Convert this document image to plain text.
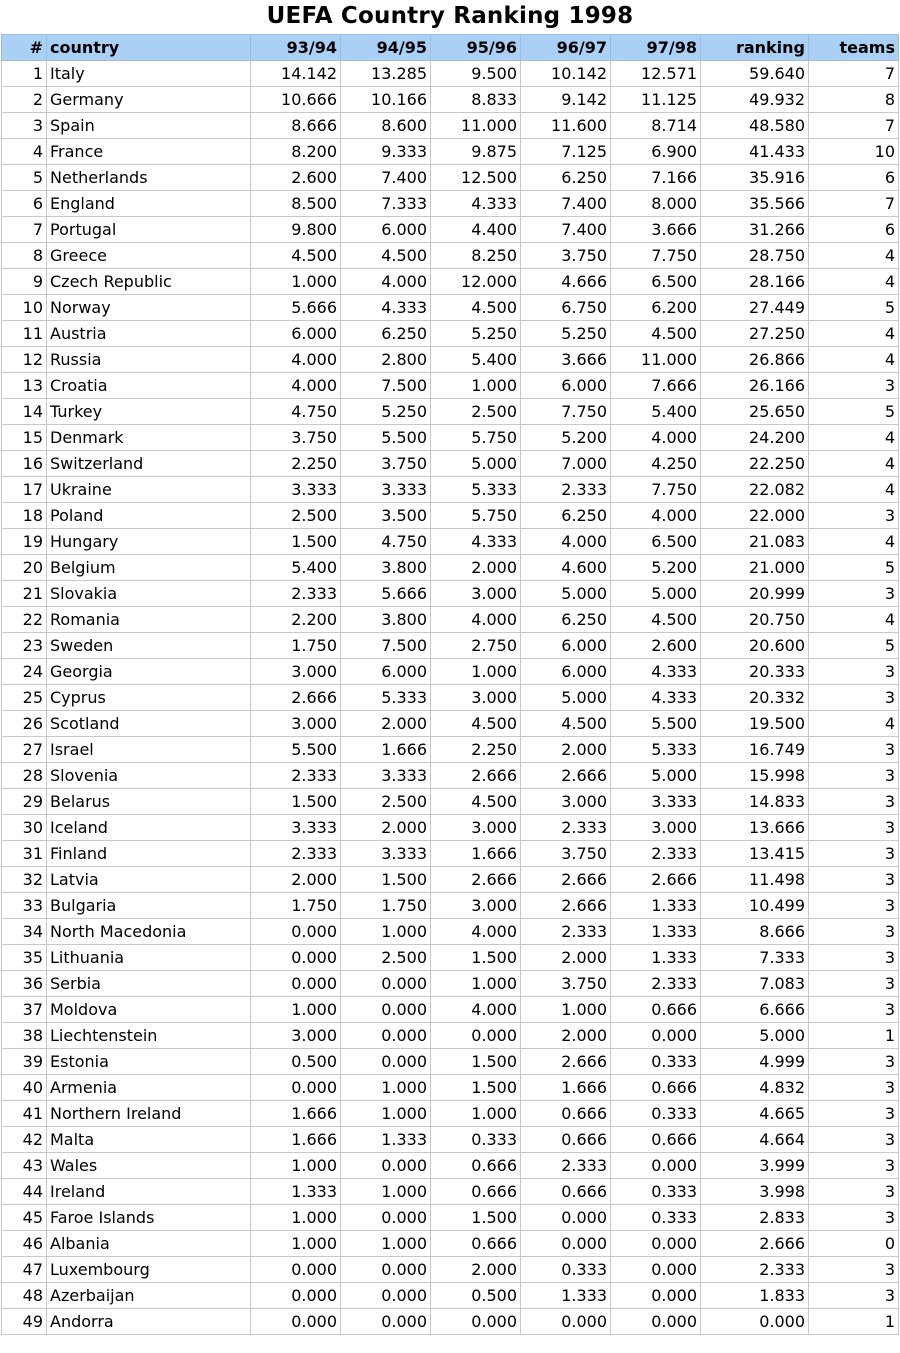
UEFA Country Ranking 1998
#	country	93/94	94/95	95/96	96/97	97/98	ranking	teams
1	Italy	14.142	13.285	9.500	10.142	12.571	59.640	7
2	Germany	10.666	10.166	8.833	9.142	11.125	49.932	8
3	Spain	8.666	8.600	11.000	11.600	8.714	48.580	7
4	France	8.200	9.333	9.875	7.125	6.900	41.433	10
5	Netherlands	2.600	7.400	12.500	6.250	7.166	35.916	6
6	England	8.500	7.333	4.333	7.400	8.000	35.566	7
7	Portugal	9.800	6.000	4.400	7.400	3.666	31.266	6
8	Greece	4.500	4.500	8.250	3.750	7.750	28.750	4
9	Czech Republic	1.000	4.000	12.000	4.666	6.500	28.166	4
10	Norway	5.666	4.333	4.500	6.750	6.200	27.449	5
11	Austria	6.000	6.250	5.250	5.250	4.500	27.250	4
12	Russia	4.000	2.800	5.400	3.666	11.000	26.866	4
13	Croatia	4.000	7.500	1.000	6.000	7.666	26.166	3
14	Turkey	4.750	5.250	2.500	7.750	5.400	25.650	5
15	Denmark	3.750	5.500	5.750	5.200	4.000	24.200	4
16	Switzerland	2.250	3.750	5.000	7.000	4.250	22.250	4
17	Ukraine	3.333	3.333	5.333	2.333	7.750	22.082	4
18	Poland	2.500	3.500	5.750	6.250	4.000	22.000	3
19	Hungary	1.500	4.750	4.333	4.000	6.500	21.083	4
20	Belgium	5.400	3.800	2.000	4.600	5.200	21.000	5
21	Slovakia	2.333	5.666	3.000	5.000	5.000	20.999	3
22	Romania	2.200	3.800	4.000	6.250	4.500	20.750	4
23	Sweden	1.750	7.500	2.750	6.000	2.600	20.600	5
24	Georgia	3.000	6.000	1.000	6.000	4.333	20.333	3
25	Cyprus	2.666	5.333	3.000	5.000	4.333	20.332	3
26	Scotland	3.000	2.000	4.500	4.500	5.500	19.500	4
27	Israel	5.500	1.666	2.250	2.000	5.333	16.749	3
28	Slovenia	2.333	3.333	2.666	2.666	5.000	15.998	3
29	Belarus	1.500	2.500	4.500	3.000	3.333	14.833	3
30	Iceland	3.333	2.000	3.000	2.333	3.000	13.666	3
31	Finland	2.333	3.333	1.666	3.750	2.333	13.415	3
32	Latvia	2.000	1.500	2.666	2.666	2.666	11.498	3
33	Bulgaria	1.750	1.750	3.000	2.666	1.333	10.499	3
34	North Macedonia	0.000	1.000	4.000	2.333	1.333	8.666	3
35	Lithuania	0.000	2.500	1.500	2.000	1.333	7.333	3
36	Serbia	0.000	0.000	1.000	3.750	2.333	7.083	3
37	Moldova	1.000	0.000	4.000	1.000	0.666	6.666	3
38	Liechtenstein	3.000	0.000	0.000	2.000	0.000	5.000	1
39	Estonia	0.500	0.000	1.500	2.666	0.333	4.999	3
40	Armenia	0.000	1.000	1.500	1.666	0.666	4.832	3
41	Northern Ireland	1.666	1.000	1.000	0.666	0.333	4.665	3
42	Malta	1.666	1.333	0.333	0.666	0.666	4.664	3
43	Wales	1.000	0.000	0.666	2.333	0.000	3.999	3
44	Ireland	1.333	1.000	0.666	0.666	0.333	3.998	3
45	Faroe Islands	1.000	0.000	1.500	0.000	0.333	2.833	3
46	Albania	1.000	1.000	0.666	0.000	0.000	2.666	0
47	Luxembourg	0.000	0.000	2.000	0.333	0.000	2.333	3
48	Azerbaijan	0.000	0.000	0.500	1.333	0.000	1.833	3
49	Andorra	0.000	0.000	0.000	0.000	0.000	0.000	1
